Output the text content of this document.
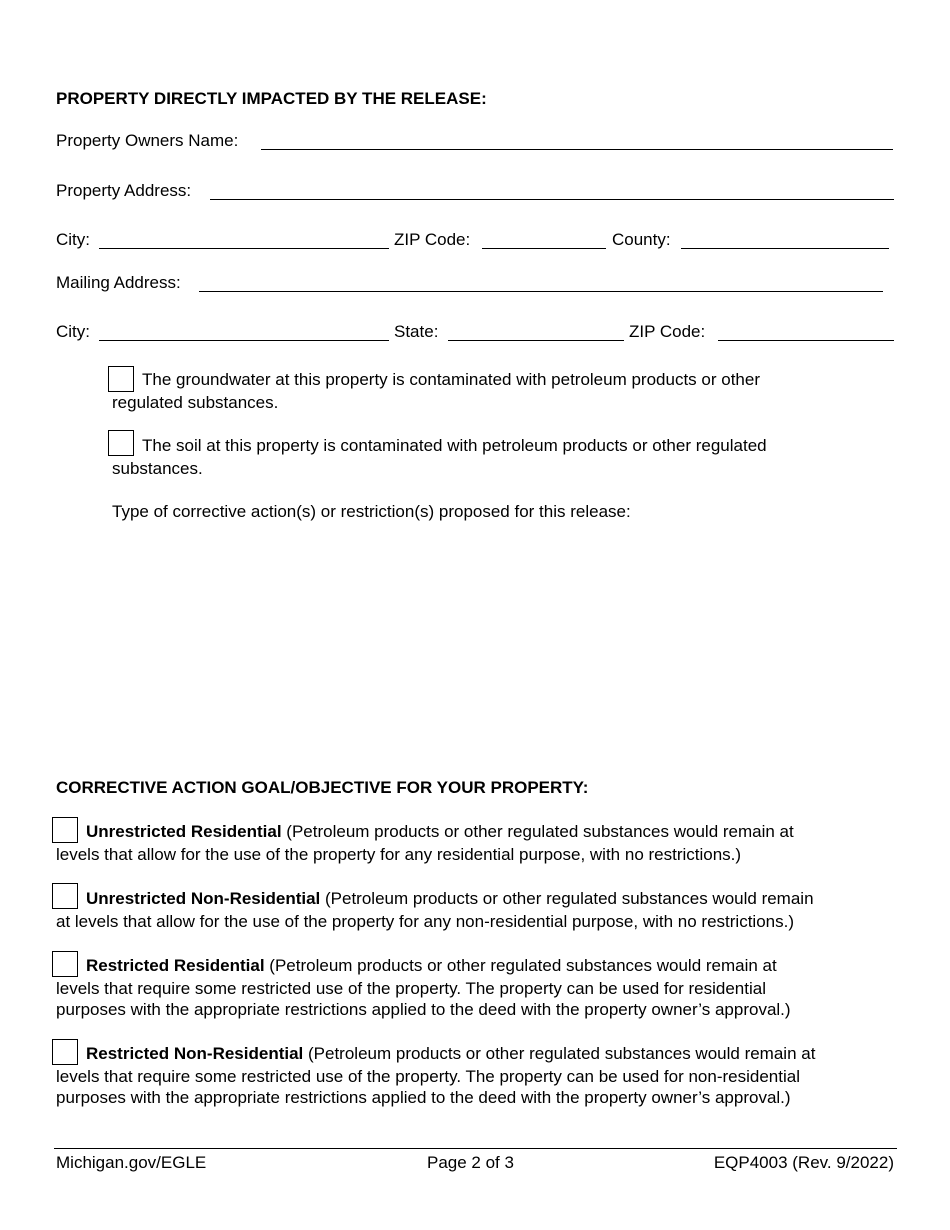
PROPERTY DIRECTLY IMPACTED BY THE RELEASE:
Property Owners Name:
Property Address:
City:	ZIP Code:	County:
Mailing Address:
City:	State:	ZIP Code:
The groundwater at this property is contaminated with petroleum products or other
regulated substances.
The soil at this property is contaminated with petroleum products or other regulated
substances.
Type of corrective action(s) or restriction(s) proposed for this release:
CORRECTIVE ACTION GOAL/OBJECTIVE FOR YOUR PROPERTY:
Unrestricted Residential (Petroleum products or other regulated substances would remain at
levels that allow for the use of the property for any residential purpose, with no restrictions.)
Unrestricted Non-Residential (Petroleum products or other regulated substances would remain
at levels that allow for the use of the property for any non-residential purpose, with no restrictions.)
Restricted Residential (Petroleum products or other regulated substances would remain at
levels that require some restricted use of the property. The property can be used for residential
purposes with the appropriate restrictions applied to the deed with the property owner’s approval.)
Restricted Non-Residential (Petroleum products or other regulated substances would remain at
levels that require some restricted use of the property. The property can be used for non-residential
purposes with the appropriate restrictions applied to the deed with the property owner’s approval.)
Michigan.gov/EGLE	Page 2 of 3	EQP4003 (Rev. 9/2022)
